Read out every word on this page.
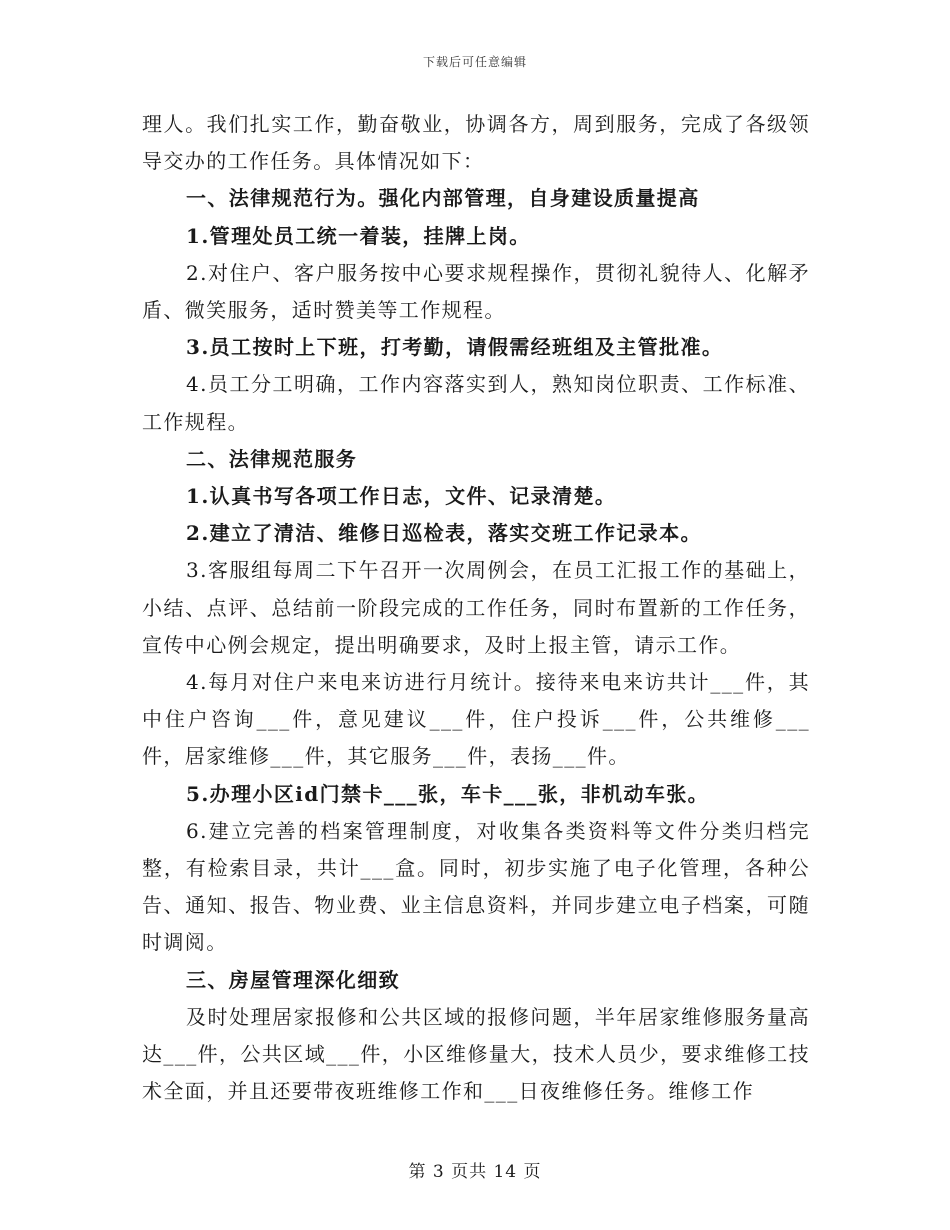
下载后可任意编辑

理人。我们扎实工作，勤奋敬业，协调各方，周到服务，完成了各级领导交办的工作任务。具体情况如下：

一、法律规范行为。强化内部管理，自身建设质量提高

1.管理处员工统一着装，挂牌上岗。

2.对住户、客户服务按中心要求规程操作，贯彻礼貌待人、化解矛盾、微笑服务，适时赞美等工作规程。

3.员工按时上下班，打考勤，请假需经班组及主管批准。

4.员工分工明确，工作内容落实到人，熟知岗位职责、工作标准、工作规程。

二、法律规范服务

1.认真书写各项工作日志，文件、记录清楚。

2.建立了清洁、维修日巡检表，落实交班工作记录本。

3.客服组每周二下午召开一次周例会，在员工汇报工作的基础上，小结、点评、总结前一阶段完成的工作任务，同时布置新的工作任务，宣传中心例会规定，提出明确要求，及时上报主管，请示工作。

4.每月对住户来电来访进行月统计。接待来电来访共计___件，其中住户咨询___件，意见建议___件，住户投诉___件，公共维修___件，居家维修___件，其它服务___件，表扬___件。

5.办理小区id门禁卡___张，车卡___张，非机动车张。

6.建立完善的档案管理制度，对收集各类资料等文件分类归档完整，有检索目录，共计___盒。同时，初步实施了电子化管理，各种公告、通知、报告、物业费、业主信息资料，并同步建立电子档案，可随时调阅。

三、房屋管理深化细致

及时处理居家报修和公共区域的报修问题，半年居家维修服务量高达___件，公共区域___件，小区维修量大，技术人员少，要求维修工技术全面，并且还要带夜班维修工作和___日夜维修任务。维修工作

第 3 页共 14 页
